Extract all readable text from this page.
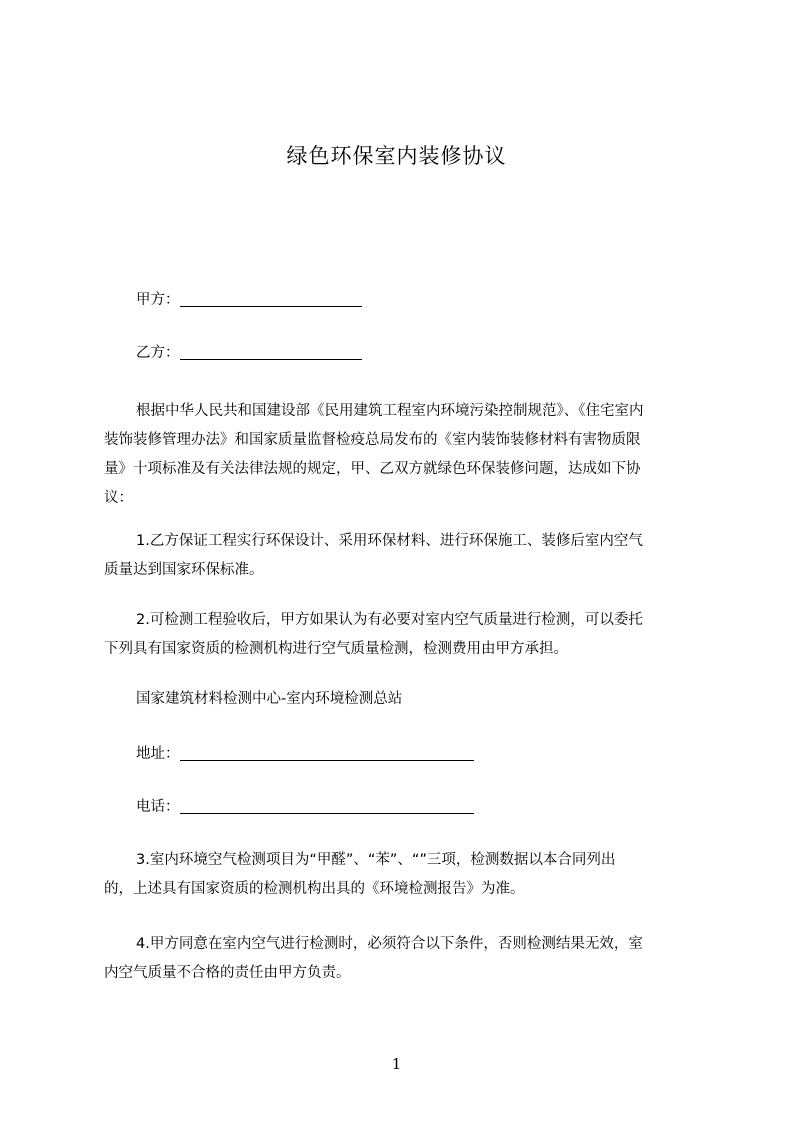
绿色环保室内装修协议
甲方：
乙方：
根据中华人民共和国建设部《民用建筑工程室内环境污染控制规范》、《住宅室内
装饰装修管理办法》和国家质量监督检疫总局发布的《室内装饰装修材料有害物质限
量》十项标准及有关法律法规的规定，甲、乙双方就绿色环保装修问题，达成如下协
议：
1.乙方保证工程实行环保设计、采用环保材料、进行环保施工、装修后室内空气
质量达到国家环保标准。
2.可检测工程验收后，甲方如果认为有必要对室内空气质量进行检测，可以委托
下列具有国家资质的检测机构进行空气质量检测，检测费用由甲方承担。
国家建筑材料检测中心-室内环境检测总站
地址：
电话：
3.室内环境空气检测项目为“甲醛”、“苯”、“”三项，检测数据以本合同列出
的，上述具有国家资质的检测机构出具的《环境检测报告》为准。
4.甲方同意在室内空气进行检测时，必须符合以下条件，否则检测结果无效，室
内空气质量不合格的责任由甲方负责。
1
